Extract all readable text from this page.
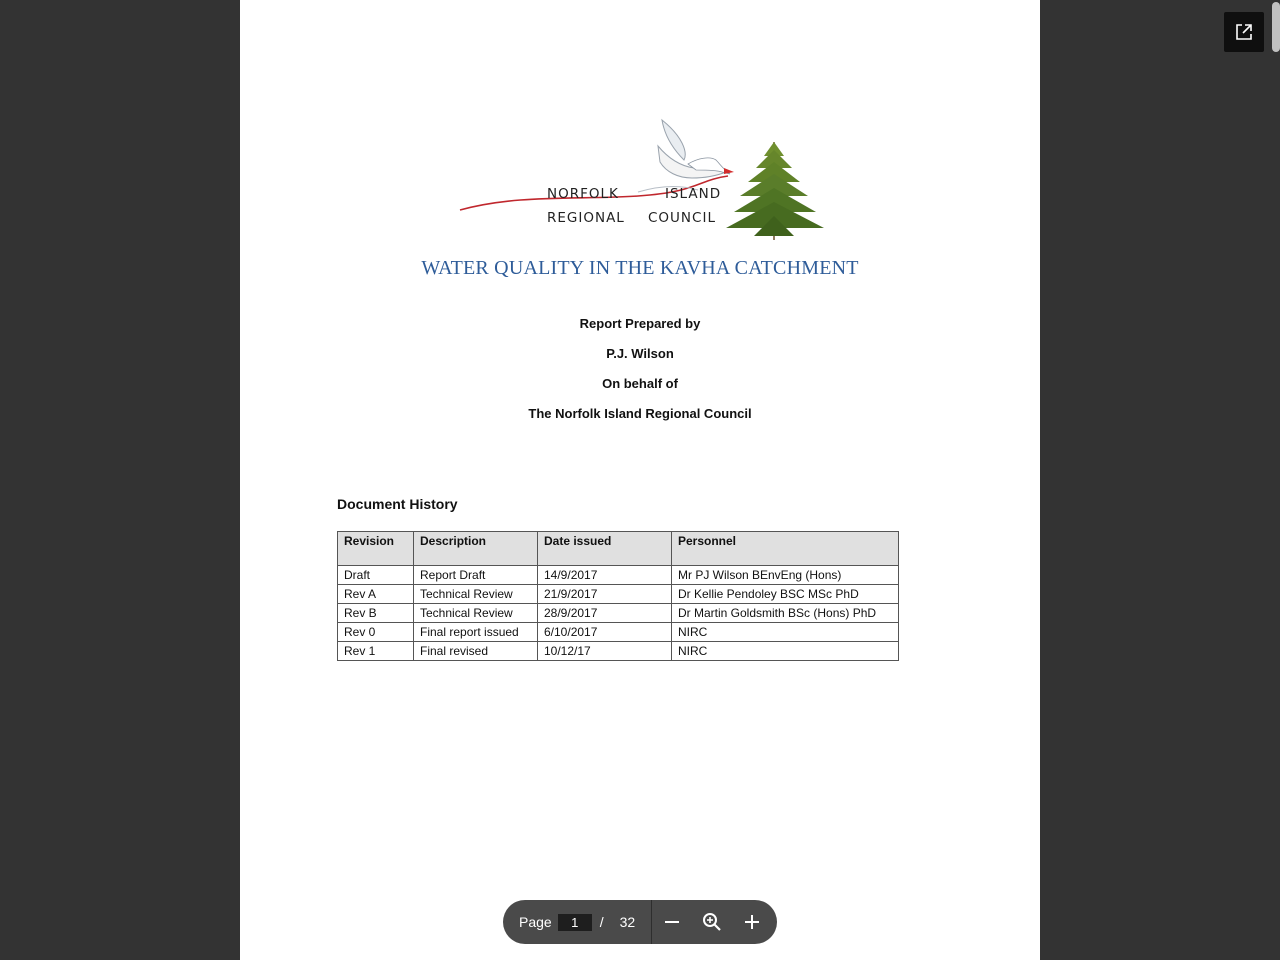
NORFOLK	ISLAND
REGIONAL COUNCIL
WATER QUALITY IN THE KAVHA CATCHMENT
Report Prepared by
P.J. Wilson
On behalf of
The Norfolk Island Regional Council
Document History
Revision	Description	Date issued	Personnel
Draft	Report Draft	14/9/2017	Mr PJ Wilson BEnvEng (Hons)
Rev A	Technical Review	21/9/2017	Dr Kellie Pendoley BSC MSc PhD
Rev B	Technical Review	28/9/2017	Dr Martin Goldsmith BSc (Hons) PhD
Rev 0	Final report issued	6/10/2017	NIRC
Rev 1	Final revised	10/12/17	NIRC
Page
1	/ 32
